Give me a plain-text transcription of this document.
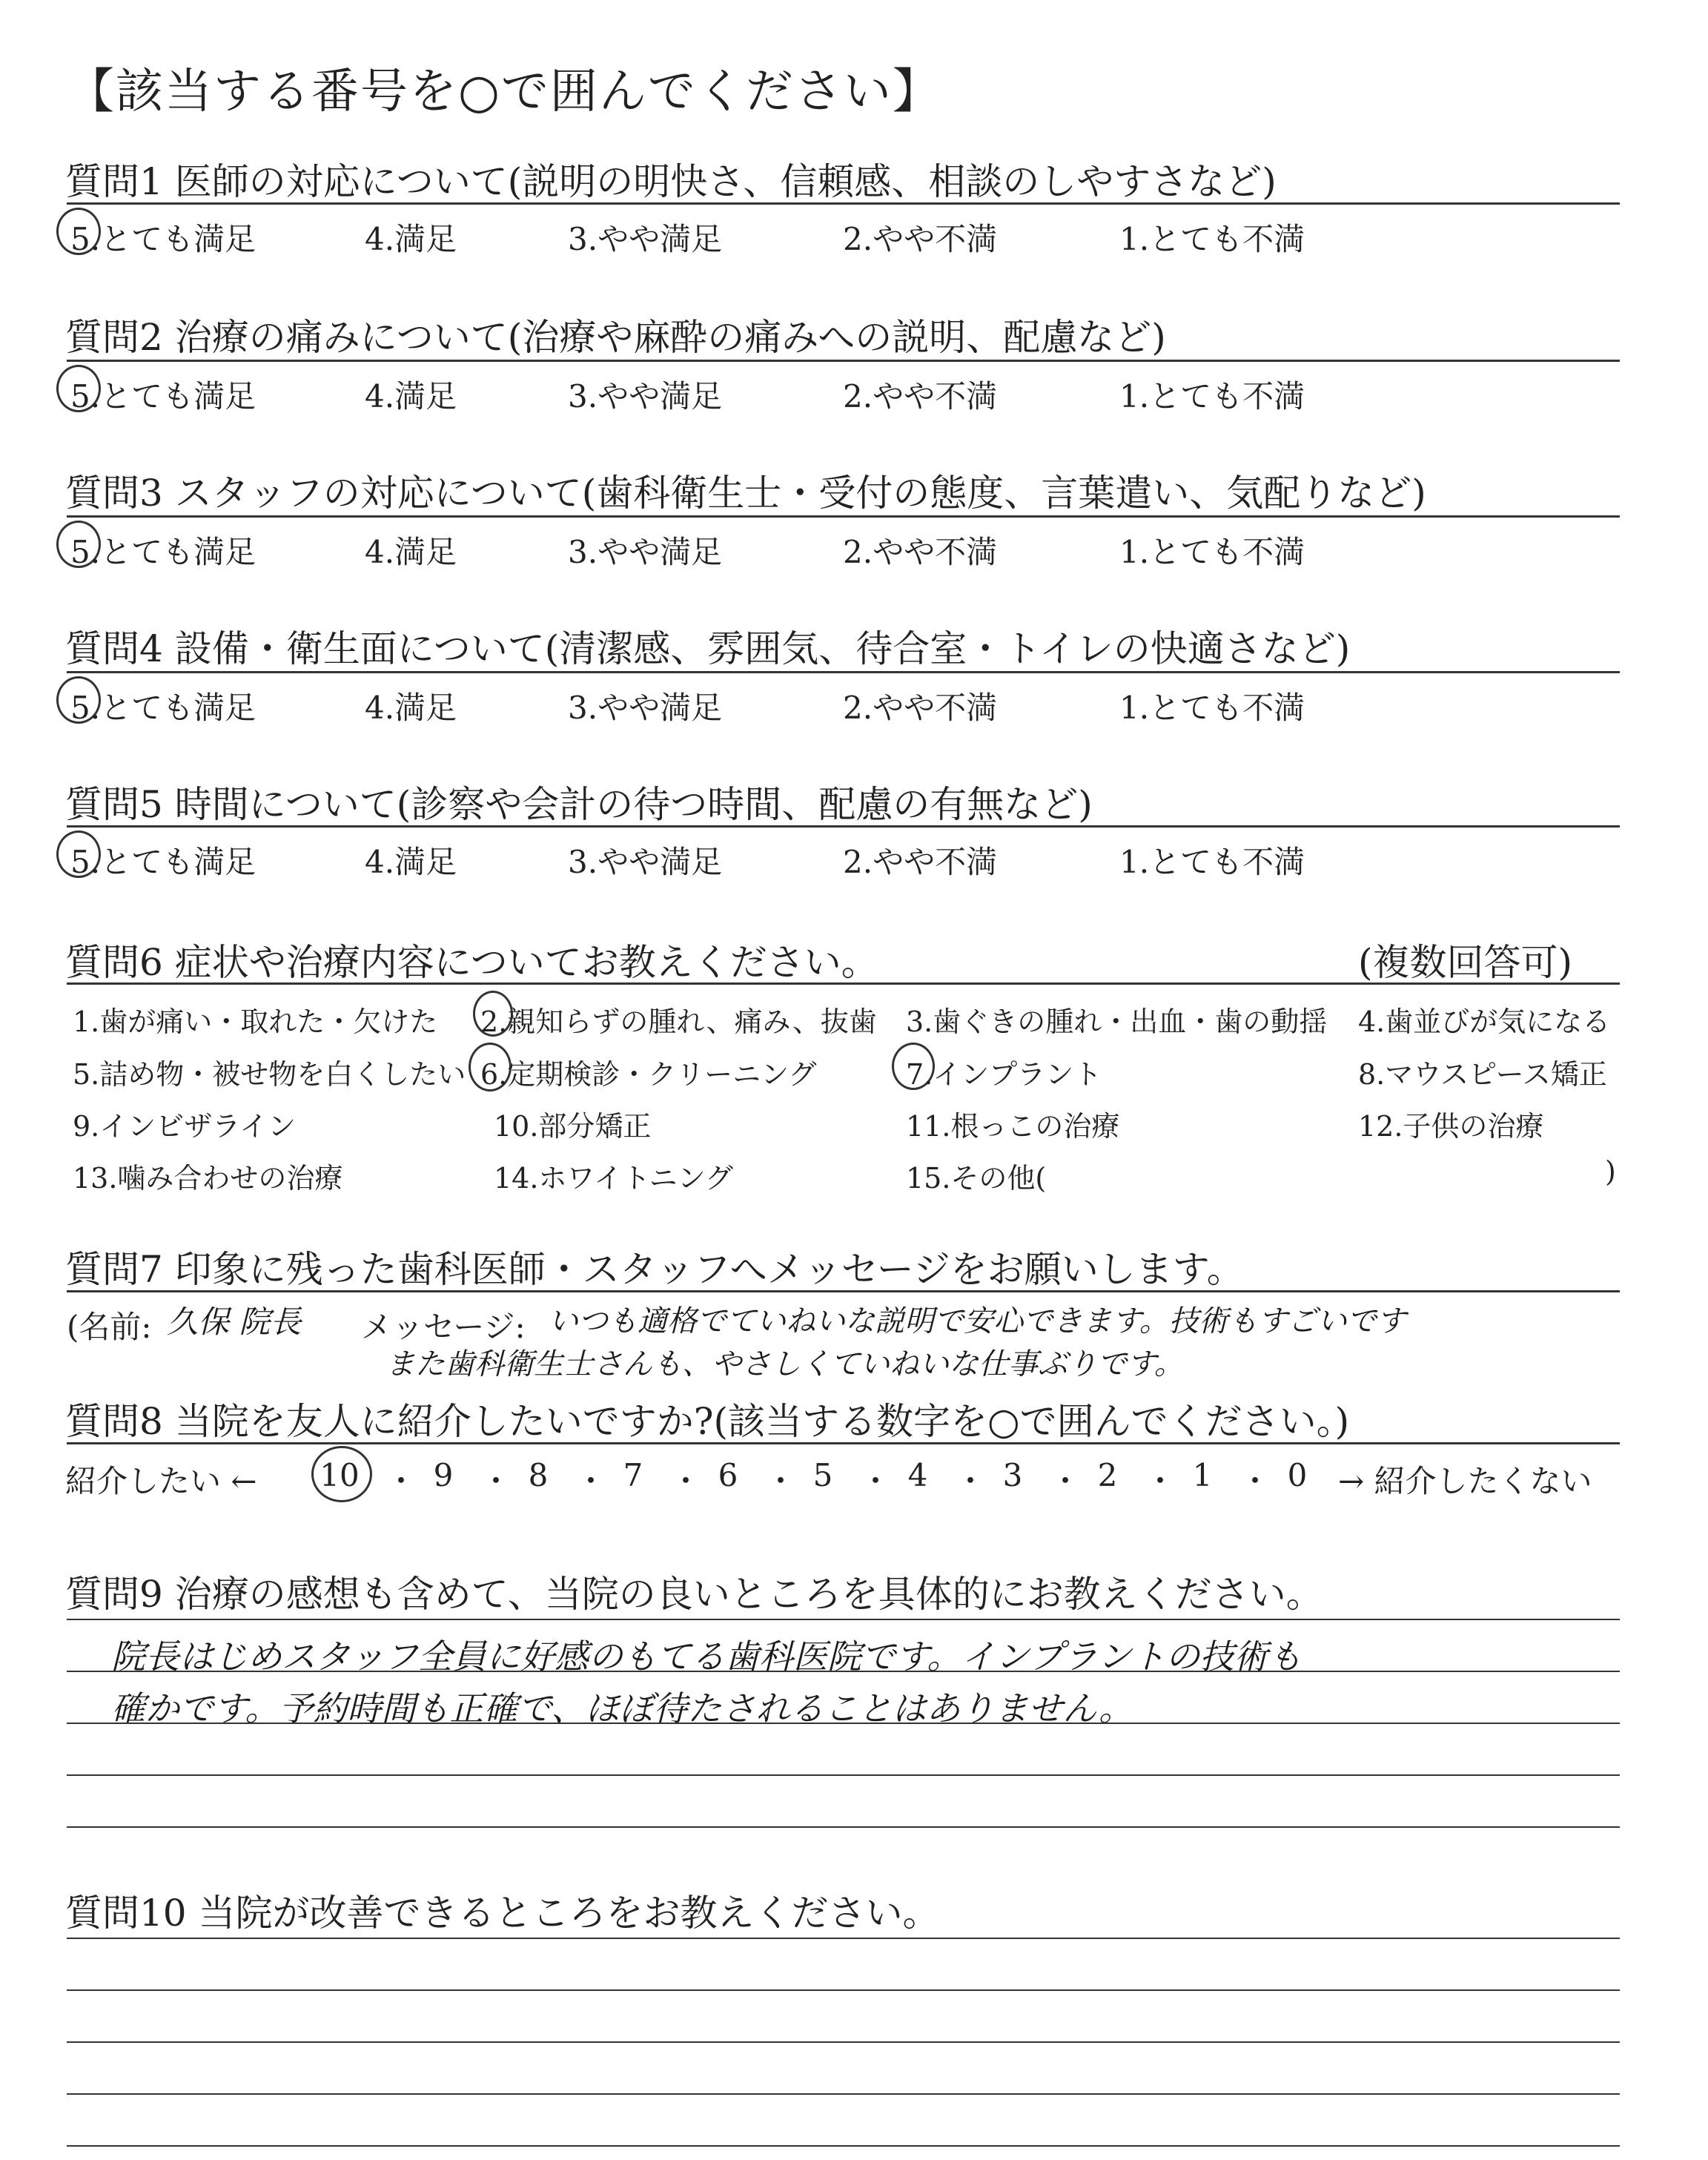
【該当する番号を○で囲んでください】
質問1 医師の対応について(説明の明快さ、信頼感、相談のしやすさなど)
5.とても満足	4.満足	3.やや満足	2.やや不満	1.とても不満
質問2 治療の痛みについて(治療や麻酔の痛みへの説明、配慮など)
5.とても満足	4.満足	3.やや満足	2.やや不満	1.とても不満
質問3 スタッフの対応について(歯科衛生士・受付の態度、言葉遣い、気配りなど)
5.とても満足	4.満足	3.やや満足	2.やや不満	1.とても不満
質問4 設備・衛生面について(清潔感、雰囲気、待合室・トイレの快適さなど)
5.とても満足	4.満足	3.やや満足	2.やや不満	1.とても不満
質問5 時間について(診察や会計の待つ時間、配慮の有無など)
5.とても満足	4.満足	3.やや満足	2.やや不満	1.とても不満
質問6 症状や治療内容についてお教えください。	(複数回答可)
1.歯が痛い・取れた・欠けた 2.親知らずの腫れ、痛み、抜歯 3.歯ぐきの腫れ・出血・歯の動揺 4.歯並びが気になる
5.詰め物・被せ物を白くしたい 6.定期検診・クリーニング	7.インプラント	8.マウスピース矯正
9.インビザライン	10.部分矯正	11.根っこの治療	12.子供の治療
13.噛み合わせの治療	14.ホワイトニング	15.その他(	)
質問7 印象に残った歯科医師・スタッフへメッセージをお願いします。
(名前: 久保 院長 メッセージ: いつも適格でていねいな説明で安心できます。技術もすごいです
また歯科衛生士さんも、やさしくていねいな仕事ぶりです。
質問8 当院を友人に紹介したいですか?(該当する数字を○で囲んでください。)
紹介したい ← 10 ・ 9 ・ 8 ・ 7 ・ 6 ・ 5 ・ 4 ・ 3 ・ 2 ・ 1 ・ 0 → 紹介したくない
質問9 治療の感想も含めて、当院の良いところを具体的にお教えください。
院長はじめスタッフ全員に好感のもてる歯科医院です。インプラントの技術も
確かです。予約時間も正確で、ほぼ待たされることはありません。
質問10 当院が改善できるところをお教えください。
